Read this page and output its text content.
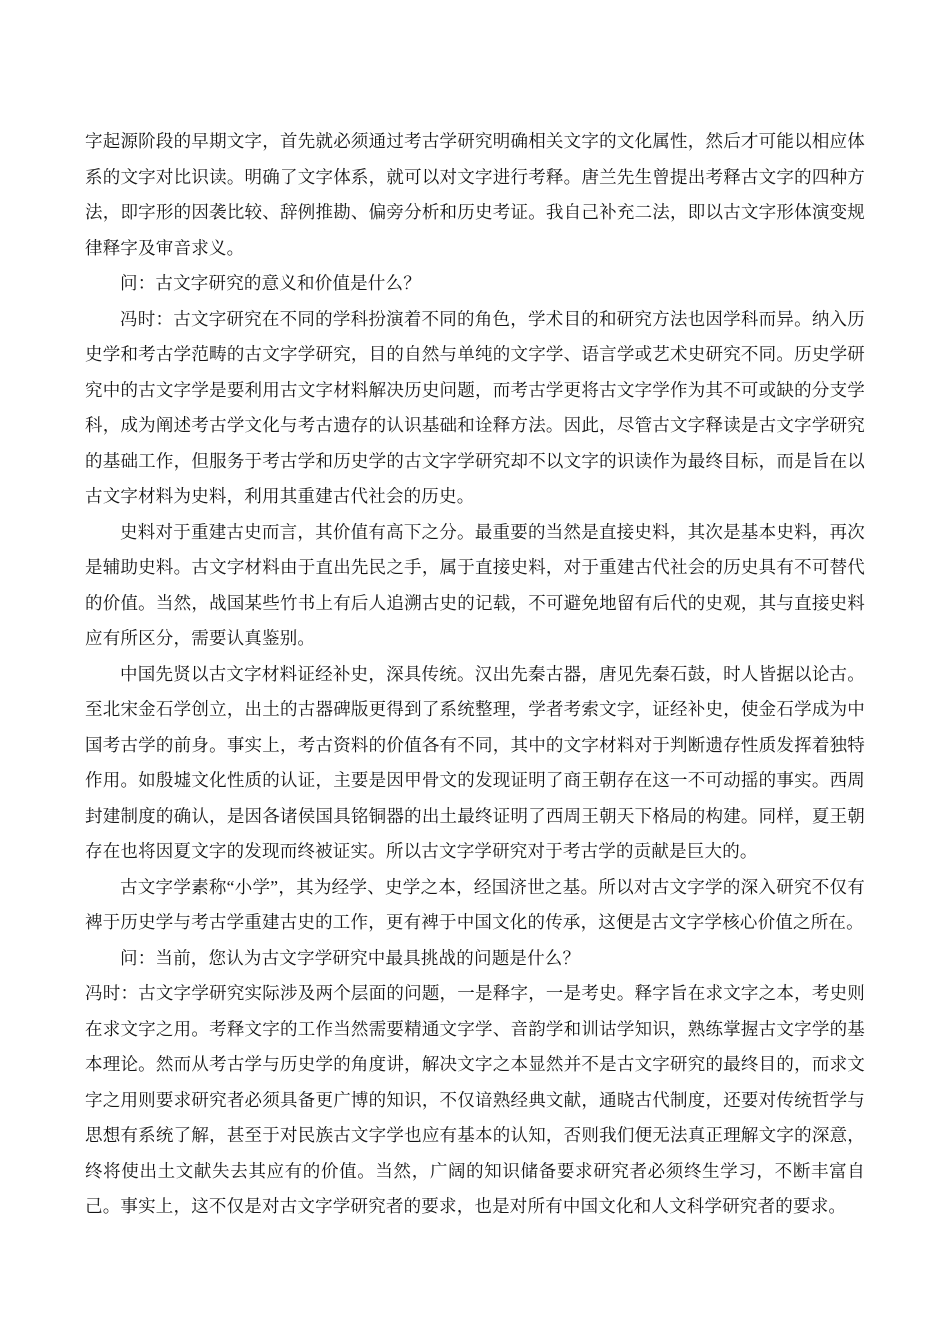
字起源阶段的早期文字，首先就必须通过考古学研究明确相关文字的文化属性，然后才可能以相应体系的文字对比识读。明确了文字体系，就可以对文字进行考释。唐兰先生曾提出考释古文字的四种方法，即字形的因袭比较、辞例推勘、偏旁分析和历史考证。我自己补充二法，即以古文字形体演变规律释字及审音求义。

问：古文字研究的意义和价值是什么？

冯时：古文字研究在不同的学科扮演着不同的角色，学术目的和研究方法也因学科而异。纳入历史学和考古学范畴的古文字学研究，目的自然与单纯的文字学、语言学或艺术史研究不同。历史学研究中的古文字学是要利用古文字材料解决历史问题，而考古学更将古文字学作为其不可或缺的分支学科，成为阐述考古学文化与考古遗存的认识基础和诠释方法。因此，尽管古文字释读是古文字学研究的基础工作，但服务于考古学和历史学的古文字学研究却不以文字的识读作为最终目标，而是旨在以古文字材料为史料，利用其重建古代社会的历史。

史料对于重建古史而言，其价值有高下之分。最重要的当然是直接史料，其次是基本史料，再次是辅助史料。古文字材料由于直出先民之手，属于直接史料，对于重建古代社会的历史具有不可替代的价值。当然，战国某些竹书上有后人追溯古史的记载，不可避免地留有后代的史观，其与直接史料应有所区分，需要认真鉴别。

中国先贤以古文字材料证经补史，深具传统。汉出先秦古器，唐见先秦石鼓，时人皆据以论古。至北宋金石学创立，出土的古器碑版更得到了系统整理，学者考索文字，证经补史，使金石学成为中国考古学的前身。事实上，考古资料的价值各有不同，其中的文字材料对于判断遗存性质发挥着独特作用。如殷墟文化性质的认证，主要是因甲骨文的发现证明了商王朝存在这一不可动摇的事实。西周封建制度的确认，是因各诸侯国具铭铜器的出土最终证明了西周王朝天下格局的构建。同样，夏王朝存在也将因夏文字的发现而终被证实。所以古文字学研究对于考古学的贡献是巨大的。

古文字学素称“小学”，其为经学、史学之本，经国济世之基。所以对古文字学的深入研究不仅有裨于历史学与考古学重建古史的工作，更有裨于中国文化的传承，这便是古文字学核心价值之所在。

问：当前，您认为古文字学研究中最具挑战的问题是什么？

冯时：古文字学研究实际涉及两个层面的问题，一是释字，一是考史。释字旨在求文字之本，考史则在求文字之用。考释文字的工作当然需要精通文字学、音韵学和训诂学知识，熟练掌握古文字学的基本理论。然而从考古学与历史学的角度讲，解决文字之本显然并不是古文字研究的最终目的，而求文字之用则要求研究者必须具备更广博的知识，不仅谙熟经典文献，通晓古代制度，还要对传统哲学与思想有系统了解，甚至于对民族古文字学也应有基本的认知，否则我们便无法真正理解文字的深意，终将使出土文献失去其应有的价值。当然，广阔的知识储备要求研究者必须终生学习，不断丰富自己。事实上，这不仅是对古文字学研究者的要求，也是对所有中国文化和人文科学研究者的要求。
